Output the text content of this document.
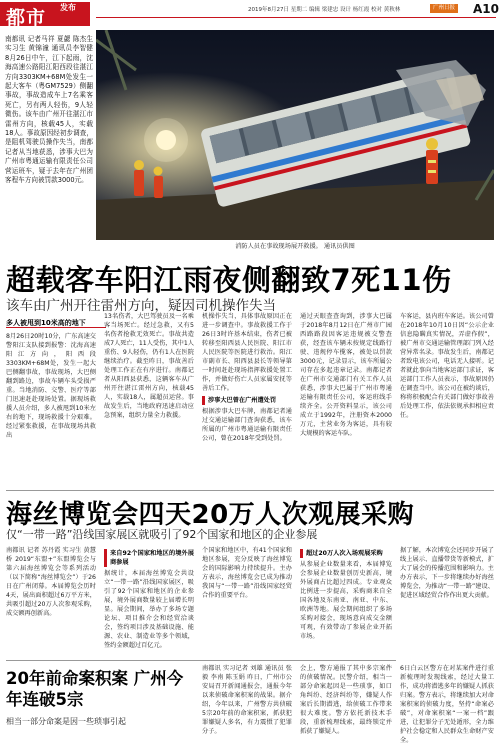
都市 发布	2019年8月27日 星期二 编辑 梁建忠 设计 杨红霞 校对 黄秋林	广州日报 A10

南都讯 记者马祥 夏勰 陈杰生 实习生 黄锦潼 通讯员李智健 8月26日中午，江下起雨，沈海高速公路阳江阳西段往湛江方向3303KM+68M处发生一起大客车（粤GM7529）侧翻事故，事故造成车上7名乘客死亡，另有两人轻伤，9人轻微伤。该车由广州开往湛江市雷州方向，核载45人，实载18人。事故原因经初步调查，是阻机驾驶员操作失当，南都记者从当地获悉，涉事大巴为广州市粤通运输有限责任公司营运班车，疑于去年在广州团客程车方向被罚款3000元。

消防人员在事故现场展开救援。 通讯员供图
超载客车阳江雨夜侧翻致7死11伤
该车由广州开往雷州方向，疑因司机操作失当
多人被甩到10米高的地下

8月26日20时10分，广东高速交警阳江支队接到报警：沈海高速阳江方向，阳西段3303KM+68M处，发生一起大巴侧翻事故，事故现场，大巴侧翻到路边，事故车辆车头受损严重。当地消防、交警、医疗等部门迅速赶赴现场处置。据现场救援人员介绍，多人被甩到10米左右的地下，现场救援十分艰难。经过紧张救援，在事故现场共救出

13名伤者，大巴驾驶员及一名乘客当场死亡。经过急救，又有5名伤者抢救无效死亡。事故共造成7人死亡，11人受伤，其中1人重伤、9人轻伤，仍有1人在医院继续治疗。截至昨日，事故善后处理工作正在有序进行。南都记者从阳西县获悉，这辆客车从广州开往湛江雷州方向，核载45人，实载18人，属超员运营。事故发生后，当地政府迅速启动应急预案，组织力量全力救援。

机操作失当，具体事故原因正在进一步调查中。事故救援工作于26日3时许基本结束，伤者已被转移至阳西县人民医院、阳江市人民医院等医院进行救治。阳江市副市长、阳西县县长等领导第一时间赶赴现场指挥救援处置工作，并做好伤亡人员家属安抚等善后工作。

涉事大巴曾在广州遭处罚

根据涉事大巴车牌，南都记者通过交通运输部门查询获悉，该车所属的广州市粤通运输有限责任公司，曾在2018年受到处罚。

通过天眼查查询到，涉事大巴属于2018年8月12日在广州市广园西路路段因客运违规被交警查获，经查该车辆未按规定线路行驶、违规停车揽客，被处以罚款3000元，记录显示，该车所属公司存在多起违章记录。南都记者在广州市交通部门有关工作人员获悉，涉事大巴属于广州市粤通运输有限责任公司，客运班线手续齐全。公开资料显示，该公司成立于1992年，注册资本2000万元，主营业务为客运，具有较大规模的客运车队。

车客运，县内班车客运。该公司曾在2018年10月10日因“公示企业信息隐瞒真实情况，弄虚作假”，被广州市交通运输管理部门列入经营异常名录。事故发生后，南都记者致电该公司，电话无人接听。记者就此事向当地客运部门求证，客运部门工作人员表示，事故原因仍在调查当中。该公司在被约谈后，称将积极配合有关部门做好事故善后处理工作，依法依规承担相应责任。

海丝博览会四天20万人次观展采购
仅“一带一路”沿线国家展区就吸引了92个国家和地区的企业参展

南都讯 记者 苏丹霞 实习生 黄慧桥 2019“东盟+”东盟博览会与第六届海丝博览会等系列活动（以下简称“海丝博览会”）于26日在广州闭幕。本届博览会历时4天，展出面积超过6万平方米，共吸引超过20万人次参观采购，成交额再创新高。

来自92个国家和地区的境外展商参展

据统计，本届海丝博览会共设立“一带一路”沿线国家展区，吸引了92个国家和地区的企业参展，境外展商数量较上届增长明显。展会期间，举办了多场专题论坛、项目推介会和经贸洽谈会，签约项目涉及基础设施、能源、农业、制造业等多个领域，签约金额超过百亿元。

个国家和地区中，有41个国家和地区参展，充分反映了海丝博览会的国际影响力持续提升。主办方表示，海丝博览会已成为推动我国与“一带一路”沿线国家经贸合作的重要平台。

超过20万人次入场观展采购

从参展企业数量来看，本届博览会参展企业数量创历史新高，境外展商占比超过四成。专业观众比例进一步提高，采购商来自全国各地及东南亚、南亚、中东、欧洲等地。展会期间组织了多场采购对接会，现场意向成交金额可观，有效带动了参展企业开拓市场。

据了解，本次博览会还同步开展了线上展示、直播带货等新模式，扩大了展会的传播范围和影响力。主办方表示，下一步将继续办好海丝博览会，为推动“一带一路”建设、促进区域经贸合作作出更大贡献。

20年前命案积案 广州今年连破5宗
相当一部分命案是因一些琐事引起

南都讯 实习记者 刘雄 通讯员 张毅 李南 陈玉娟 昨日，广州市公安局召开新闻通报会，通报今年以来侦破命案积案的战果。据介绍，今年以来，广州警方共侦破5宗20年前的命案积案，抓获犯罪嫌疑人多名，有力震慑了犯罪分子。

会上，警方通报了其中多宗案件的侦破情况。民警介绍，相当一部分命案起因是一些琐事，如口角纠纷、经济纠纷等，嫌疑人作案后长期潜逃，给侦破工作带来很大难度。警方依托新技术手段，重新梳理线索，最终锁定并抓获了嫌疑人。

6日白云区警方在对某案件进行重新梳理时发现线索，经过大量工作，成功将潜逃多年的嫌疑人抓获归案。警方表示，将继续加大对命案积案的侦破力度，坚持“命案必破”，对命案积案“一案一档”跟进，让犯罪分子无处遁形，全力维护社会稳定和人民群众生命财产安全。
